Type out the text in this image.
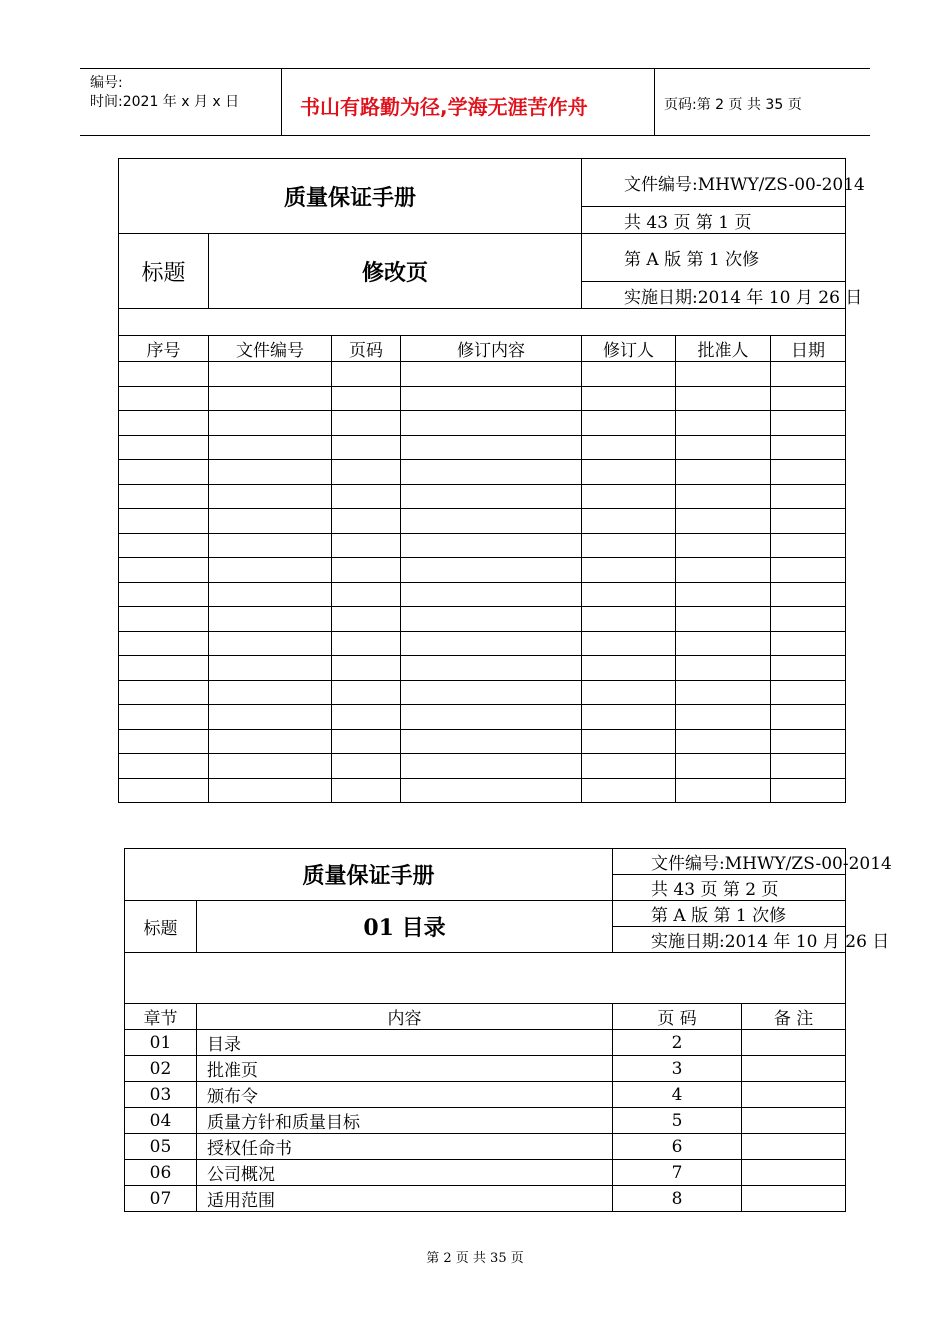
编号:
时间:2021 年 x 月 x 日	书山有路勤为径,学海无涯苦作舟	页码:第 2 页 共 35 页
质量保证手册				文件编号:MHWY/ZS-00-2014		
				共 43 页 第 1 页		
标题	修改页			第 A 版 第 1 次修		
				实施日期:2014 年 10 月 26 日		

序号	文件编号	页码	修订内容	修订人	批准人	日期

质量保证手册		文件编号:MHWY/ZS-00-2014	
		共 43 页 第 2 页	
标题	01 目录	第 A 版 第 1 次修	
		实施日期:2014 年 10 月 26 日	

章节	内容	页 码	备 注
01	目录	2	
02	批准页	3	
03	颁布令	4	
04	质量方针和质量目标	5	
05	授权任命书	6	
06	公司概况	7	
07	适用范围	8	
第 2 页 共 35 页
